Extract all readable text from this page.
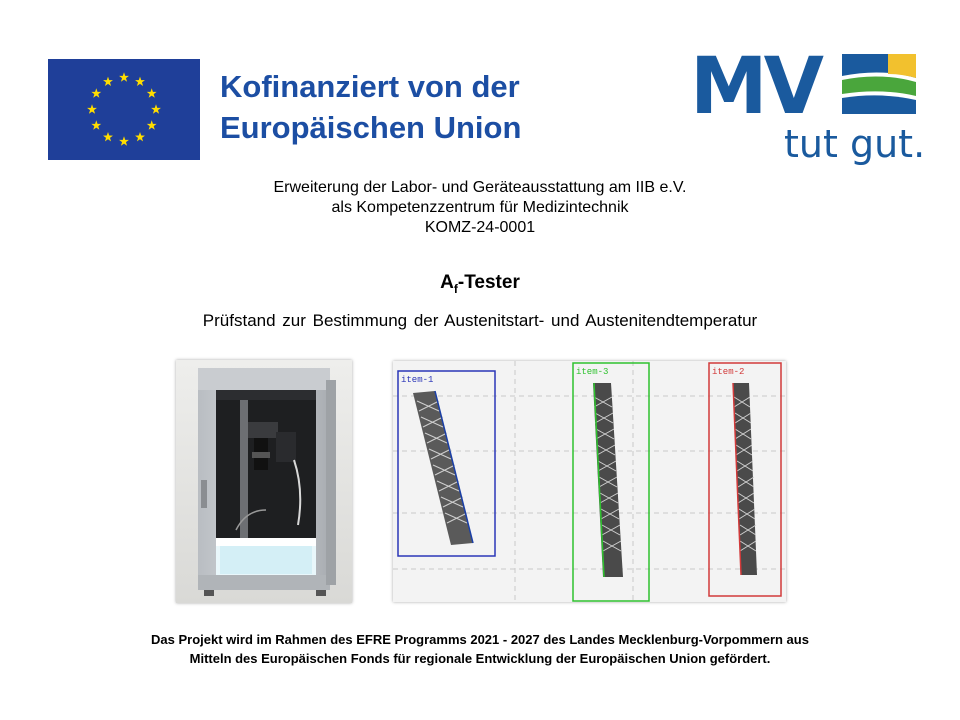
Kofinanziert von der
Europäischen Union	MV
tut gut.
Erweiterung der Labor- und Geräteausstattung am IIB e.V.
als Kompetenzzentrum für Medizintechnik
KOMZ-24-0001
$A_f$-Tester
Prüfstand zur Bestimmung der Austenitstart- und Austenitendtemperatur
item-1
item-3	item-2
Das Projekt wird im Rahmen des EFRE Programms 2021 - 2027 des Landes Mecklenburg-Vorpommern aus
Mitteln des Europäischen Fonds für regionale Entwicklung der Europäischen Union gefördert.
